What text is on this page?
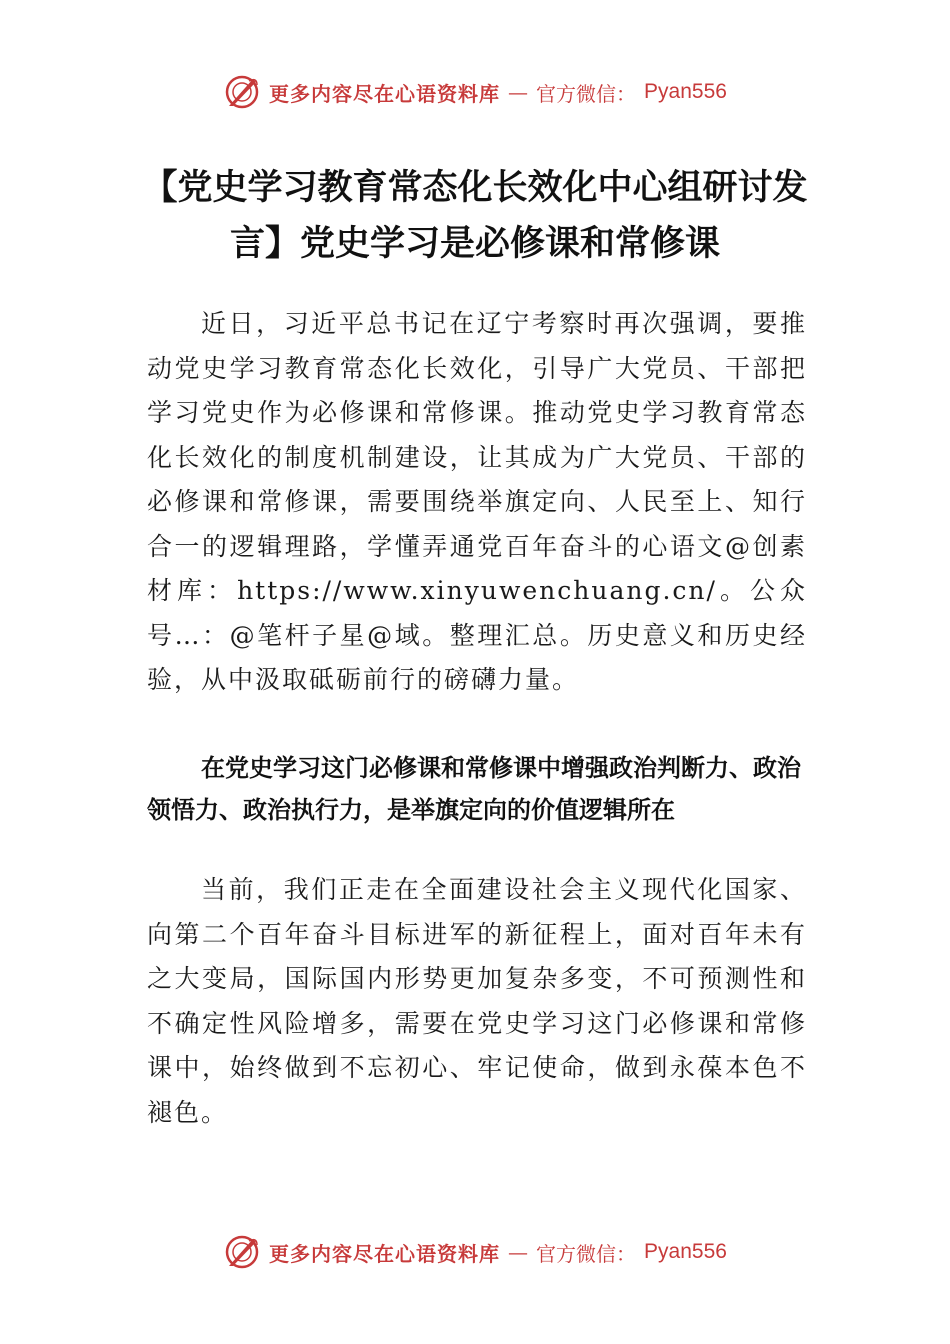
更多内容尽在心语资料库 — 官方微信： Pyan556
【党史学习教育常态化长效化中心组研讨发言】党史学习是必修课和常修课

近日，习近平总书记在辽宁考察时再次强调，要推动党史学习教育常态化长效化，引导广大党员、干部把学习党史作为必修课和常修课。推动党史学习教育常态化长效化的制度机制建设，让其成为广大党员、干部的必修课和常修课，需要围绕举旗定向、人民至上、知行合一的逻辑理路，学懂弄通党百年奋斗的心语文@创素材库：https://www.xinyuwenchuang.cn/。公众号…：@笔杆子星@域。整理汇总。历史意义和历史经验，从中汲取砥砺前行的磅礴力量。

在党史学习这门必修课和常修课中增强政治判断力、政治领悟力、政治执行力，是举旗定向的价值逻辑所在

当前，我们正走在全面建设社会主义现代化国家、向第二个百年奋斗目标进军的新征程上，面对百年未有之大变局，国际国内形势更加复杂多变，不可预测性和不确定性风险增多，需要在党史学习这门必修课和常修课中，始终做到不忘初心、牢记使命，做到永葆本色不褪色。

更多内容尽在心语资料库 — 官方微信： Pyan556
